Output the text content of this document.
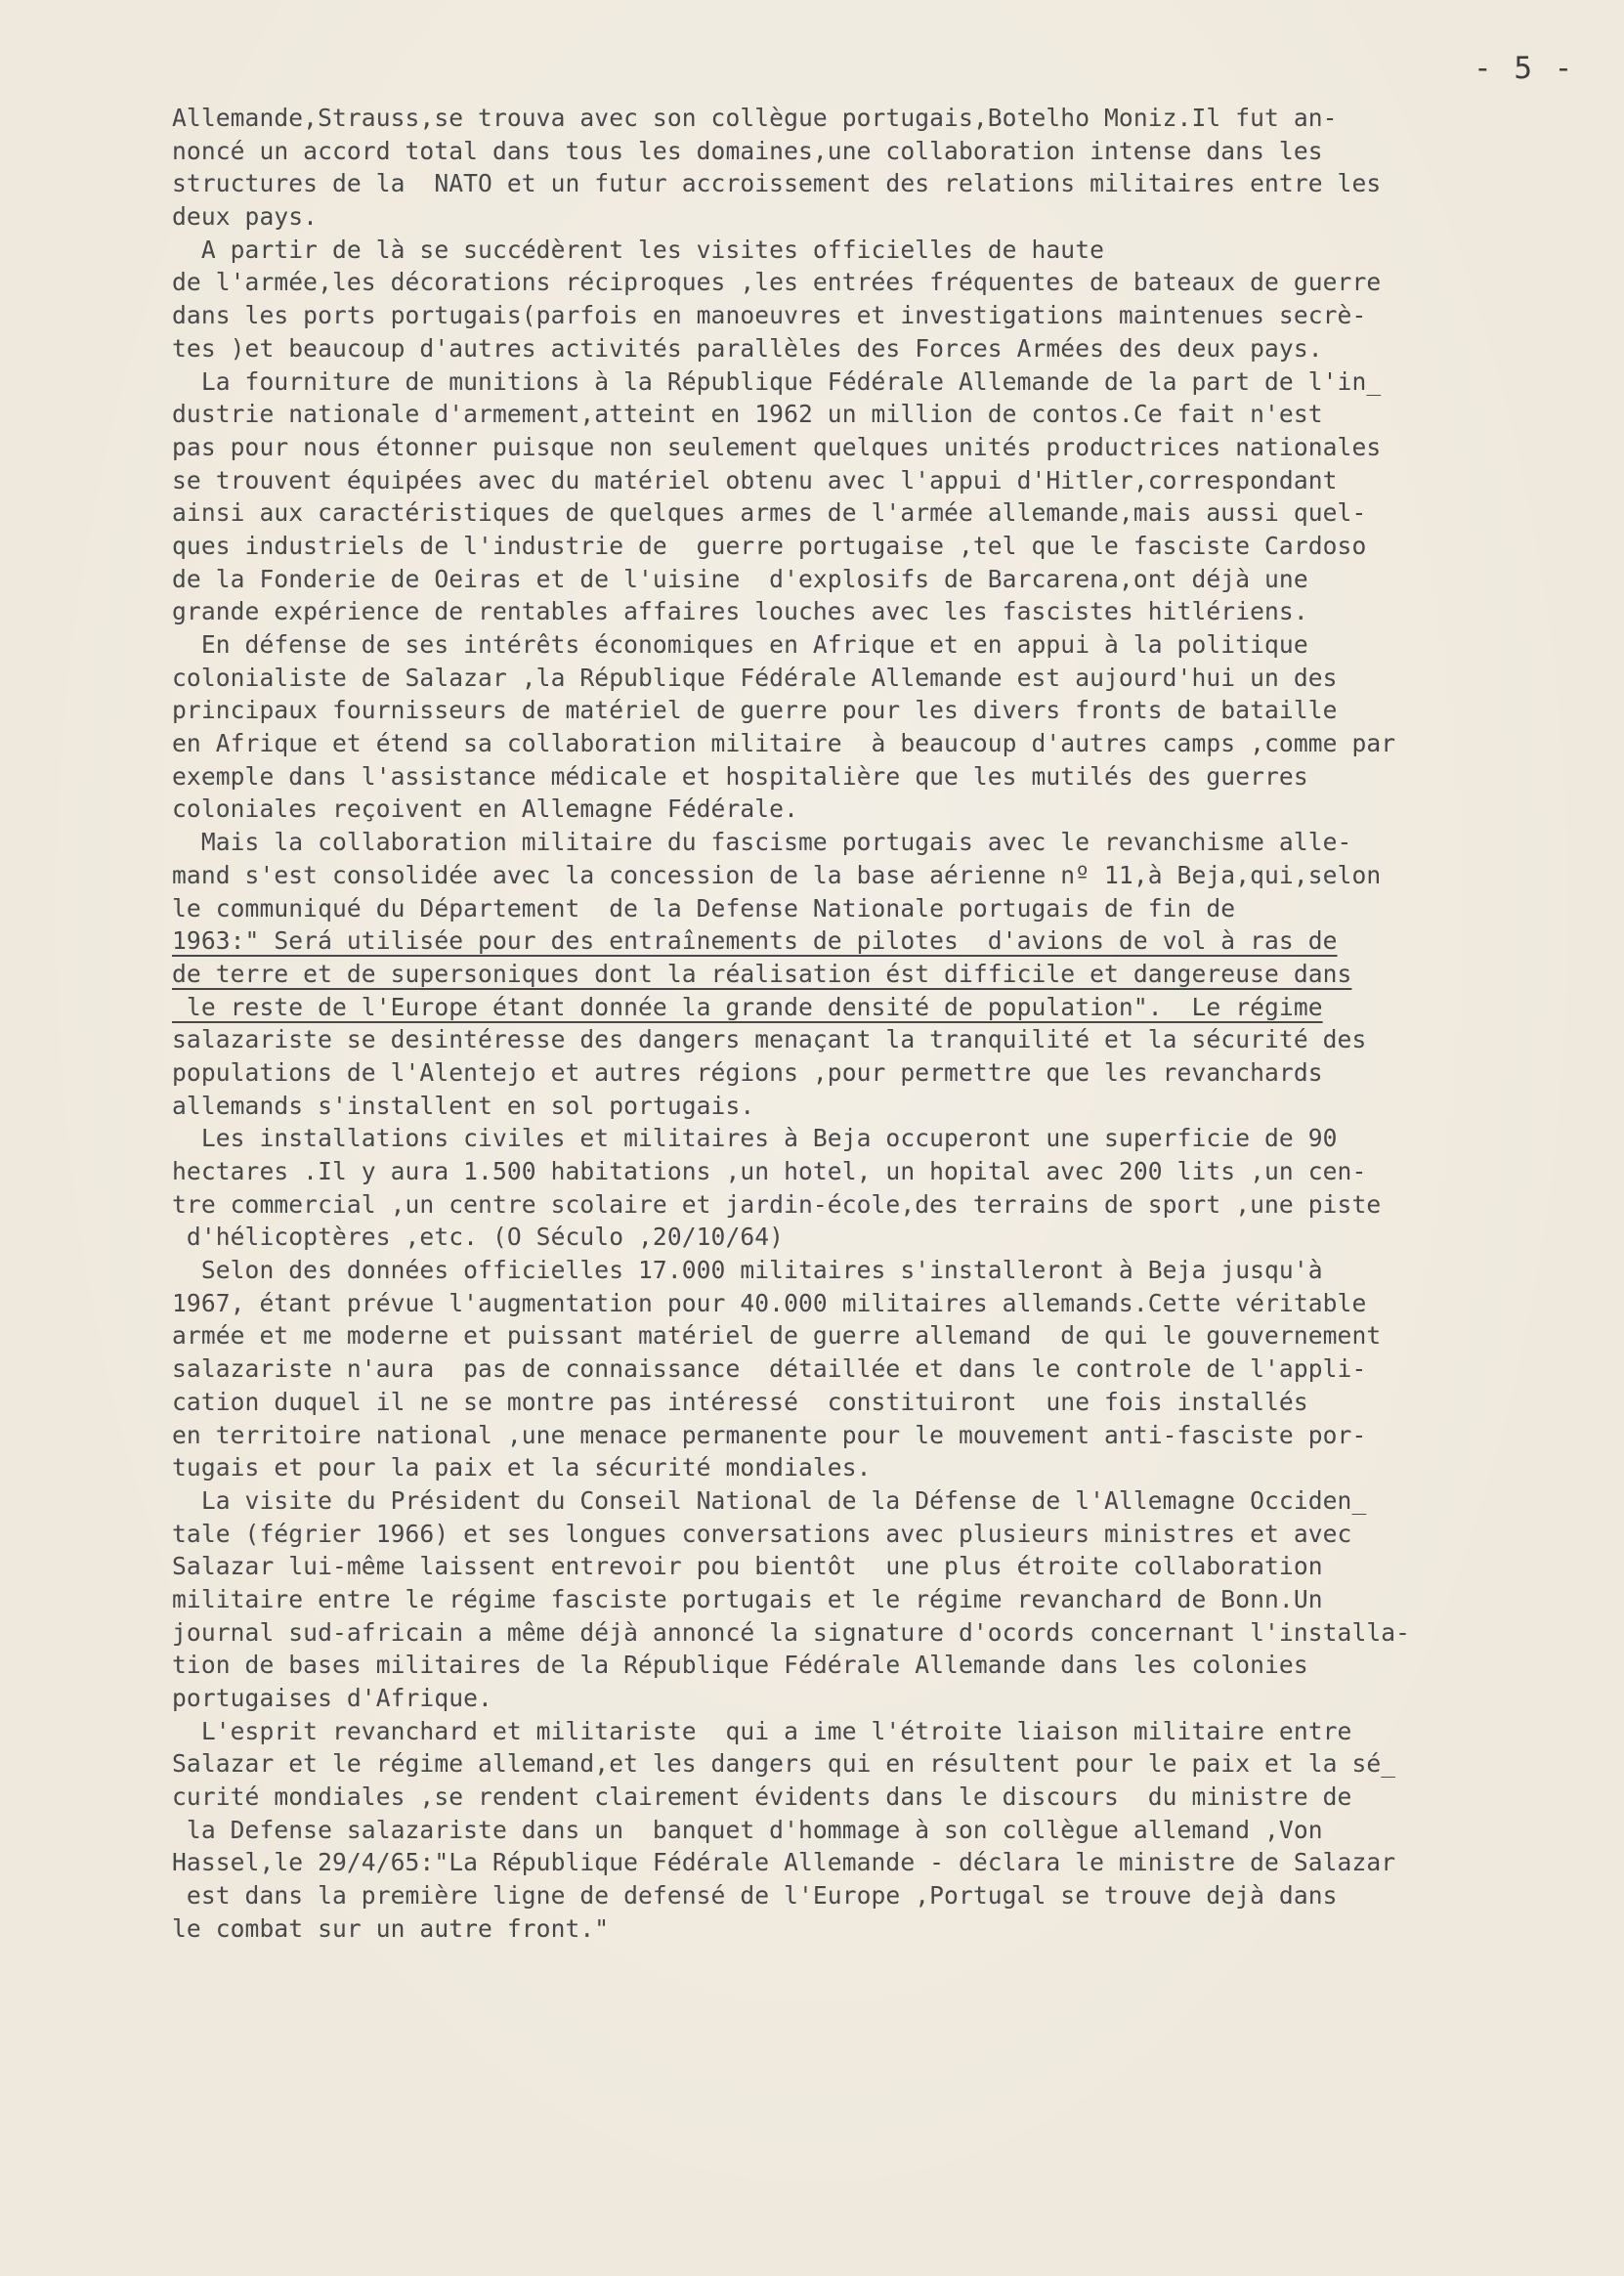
- 5 -
Allemande,Strauss,se trouva avec son collègue portugais,Botelho Moniz.Il fut an-
noncé un accord total dans tous les domaines,une collaboration intense dans les
structures de la  NATO et un futur accroissement des relations militaires entre les
deux pays.
A partir de là se succédèrent les visites officielles de haute
de l'armée,les décorations réciproques ,les entrées fréquentes de bateaux de guerre
dans les ports portugais(parfois en manoeuvres et investigations maintenues secrè-
tes )et beaucoup d'autres activités parallèles des Forces Armées des deux pays.
La fourniture de munitions à la République Fédérale Allemande de la part de l'in_
dustrie nationale d'armement,atteint en 1962 un million de contos.Ce fait n'est
pas pour nous étonner puisque non seulement quelques unités productrices nationales
se trouvent équipées avec du matériel obtenu avec l'appui d'Hitler,correspondant
ainsi aux caractéristiques de quelques armes de l'armée allemande,mais aussi quel-
ques industriels de l'industrie de  guerre portugaise ,tel que le fasciste Cardoso
de la Fonderie de Oeiras et de l'uisine  d'explosifs de Barcarena,ont déjà une
grande expérience de rentables affaires louches avec les fascistes hitlériens.
En défense de ses intérêts économiques en Afrique et en appui à la politique
colonialiste de Salazar ,la République Fédérale Allemande est aujourd'hui un des
principaux fournisseurs de matériel de guerre pour les divers fronts de bataille
en Afrique et étend sa collaboration militaire  à beaucoup d'autres camps ,comme par
exemple dans l'assistance médicale et hospitalière que les mutilés des guerres
coloniales reçoivent en Allemagne Fédérale.
Mais la collaboration militaire du fascisme portugais avec le revanchisme alle-
mand s'est consolidée avec la concession de la base aérienne nº 11,à Beja,qui,selon
le communiqué du Département  de la Defense Nationale portugais de fin de
1963:" Será utilisée pour des entraînements de pilotes  d'avions de vol à ras de
de terre et de supersoniques dont la réalisation ést difficile et dangereuse dans
le reste de l'Europe étant donnée la grande densité de population".  Le régime
salazariste se desintéresse des dangers menaçant la tranquilité et la sécurité des
populations de l'Alentejo et autres régions ,pour permettre que les revanchards
allemands s'installent en sol portugais.
Les installations civiles et militaires à Beja occuperont une superficie de 90
hectares .Il y aura 1.500 habitations ,un hotel, un hopital avec 200 lits ,un cen-
tre commercial ,un centre scolaire et jardin-école,des terrains de sport ,une piste
d'hélicoptères ,etc. (O Século ,20/10/64)
Selon des données officielles 17.000 militaires s'installeront à Beja jusqu'à
1967, étant prévue l'augmentation pour 40.000 militaires allemands.Cette véritable
armée et me moderne et puissant matériel de guerre allemand  de qui le gouvernement
salazariste n'aura  pas de connaissance  détaillée et dans le controle de l'appli-
cation duquel il ne se montre pas intéressé  constituiront  une fois installés
en territoire national ,une menace permanente pour le mouvement anti-fasciste por-
tugais et pour la paix et la sécurité mondiales.
La visite du Président du Conseil National de la Défense de l'Allemagne Occiden_
tale (fégrier 1966) et ses longues conversations avec plusieurs ministres et avec
Salazar lui-même laissent entrevoir pou bientôt  une plus étroite collaboration
militaire entre le régime fasciste portugais et le régime revanchard de Bonn.Un
journal sud-africain a même déjà annoncé la signature d'ocords concernant l'installa-
tion de bases militaires de la République Fédérale Allemande dans les colonies
portugaises d'Afrique.
L'esprit revanchard et militariste  qui a ime l'étroite liaison militaire entre
Salazar et le régime allemand,et les dangers qui en résultent pour le paix et la sé_
curité mondiales ,se rendent clairement évidents dans le discours  du ministre de
la Defense salazariste dans un  banquet d'hommage à son collègue allemand ,Von
Hassel,le 29/4/65:"La République Fédérale Allemande - déclara le ministre de Salazar
est dans la première ligne de defensé de l'Europe ,Portugal se trouve dejà dans
le combat sur un autre front."
